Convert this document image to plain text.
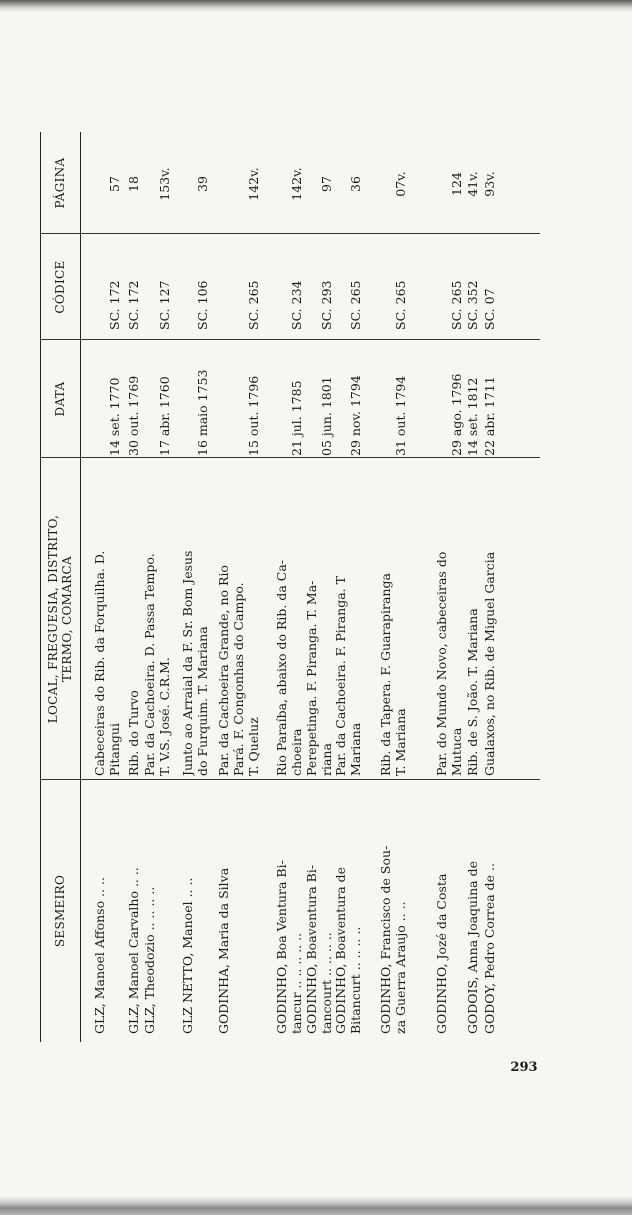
SESMEIRO
LOCAL, FREGUESIA, DISTRITO, TERMO, COMARCA
DATA
CÓDICE
PÁGINA
GLZ, Manoel Affonso .. ..
Cabeceiras do Rib. da Forquilha. D. Pitangui
14 set. 1770
SC. 172
57
GLZ, Manoel Carvalho .. ..
Rib. do Turvo
30 out. 1769
SC. 172
18
GLZ, Theodozio .. .. .. ..
Par. da Cachoeira. D. Passa Tempo. T. V.S. José. C.R.M.
17 abr. 1760
SC. 127
153v.
GLZ NETTO, Manoel .. ..
Junto ao Arraial da F. Sr. Bom Jesus do Furquim. T. Mariana
16 maio 1753
SC. 106
39
GODINHA, Maria da Silva
Par. da Cachoeira Grande, no Rio Pará. F. Congonhas do Campo. T. Queluz
15 out. 1796
SC. 265
142v.
GODINHO, Boa Ventura Bi- tancur .. .. .. .. ..
Rio Paraíba, abaixo do Rib. da Ca- choeira
21 jul. 1785
SC. 234
142v.
GODINHO, Boaventura Bi- tancourt .. .. .. ..
Perepetinga. F. Piranga. T. Ma- riana
05 jun. 1801
SC. 293
97
GODINHO, Boaventura de Bitancurt .. .. .. ..
Par. da Cachoeira. F. Piranga. T Mariana
29 nov. 1794
SC. 265
36
GODINHO, Francisco de Sou- za Guerra Araujo .. ..
Rib. da Tapera. F. Guarapiranga T. Mariana
31 out. 1794
SC. 265
07v.
GODINHO, Jozé da Costa
Par. do Mundo Novo, cabeceiras do Mutuca
29 ago. 1796
SC. 265
124
GODOIS, Anna Joaquina de
Rib. de S. João. T. Mariana
14 set. 1812
SC. 352
41v.
GODOY, Pedro Correa de ..
Gualaxos, no Rib. de Miguel Garcia
22 abr. 1711
SC. 07
93v.
293
